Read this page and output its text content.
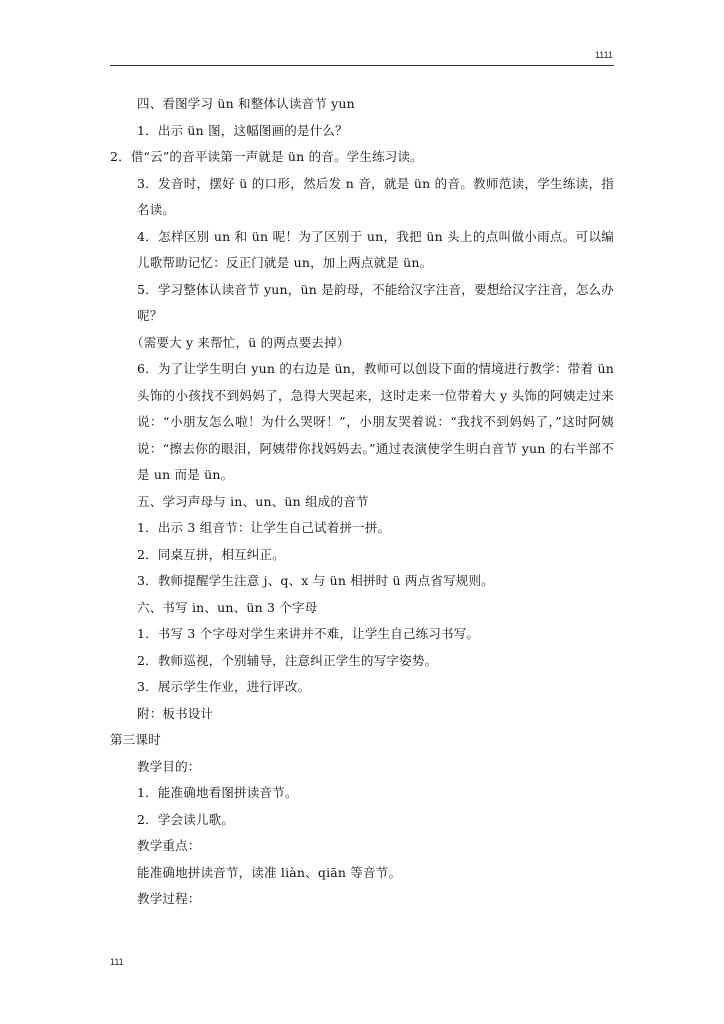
1111

四、看图学习 ün 和整体认读音节 yun

1．出示 ün 图，这幅图画的是什么？

2．借“云”的音平读第一声就是 ün 的音。学生练习读。

3．发音时，摆好 ü 的口形，然后发 n 音，就是 ün 的音。教师范读，学生练读，指名读。

4．怎样区别 un 和 ün 呢！为了区别于 un，我把 ün 头上的点叫做小雨点。可以编儿歌帮助记忆：反正门就是 un，加上两点就是 ün。

5．学习整体认读音节 yun，ün 是韵母，不能给汉字注音，要想给汉字注音，怎么办呢？

（需要大 y 来帮忙，ü 的两点要去掉）

6．为了让学生明白 yun 的右边是 ün，教师可以创设下面的情境进行教学：带着 ün 头饰的小孩找不到妈妈了，急得大哭起来，这时走来一位带着大 y 头饰的阿姨走过来说：“小朋友怎么啦！为什么哭呀！”，小朋友哭着说：“我找不到妈妈了，”这时阿姨说：“擦去你的眼泪，阿姨带你找妈妈去。”通过表演使学生明白音节 yun 的右半部不是 un 而是 ün。

五、学习声母与 in、un、ün 组成的音节

1．出示 3 组音节：让学生自己试着拼一拼。

2．同桌互拼，相互纠正。

3．教师提醒学生注意 j、q、x 与 ün 相拼时 ü 两点省写规则。

六、书写 in、un、ün 3 个字母

1．书写 3 个字母对学生来讲并不难，让学生自己练习书写。

2．教师巡视，个别辅导，注意纠正学生的写字姿势。

3．展示学生作业，进行评改。

附：板书设计

第三课时

教学目的：

1．能准确地看图拼读音节。

2．学会读儿歌。

教学重点：

能准确地拼读音节，读准 liàn、qiān 等音节。

教学过程：

111
